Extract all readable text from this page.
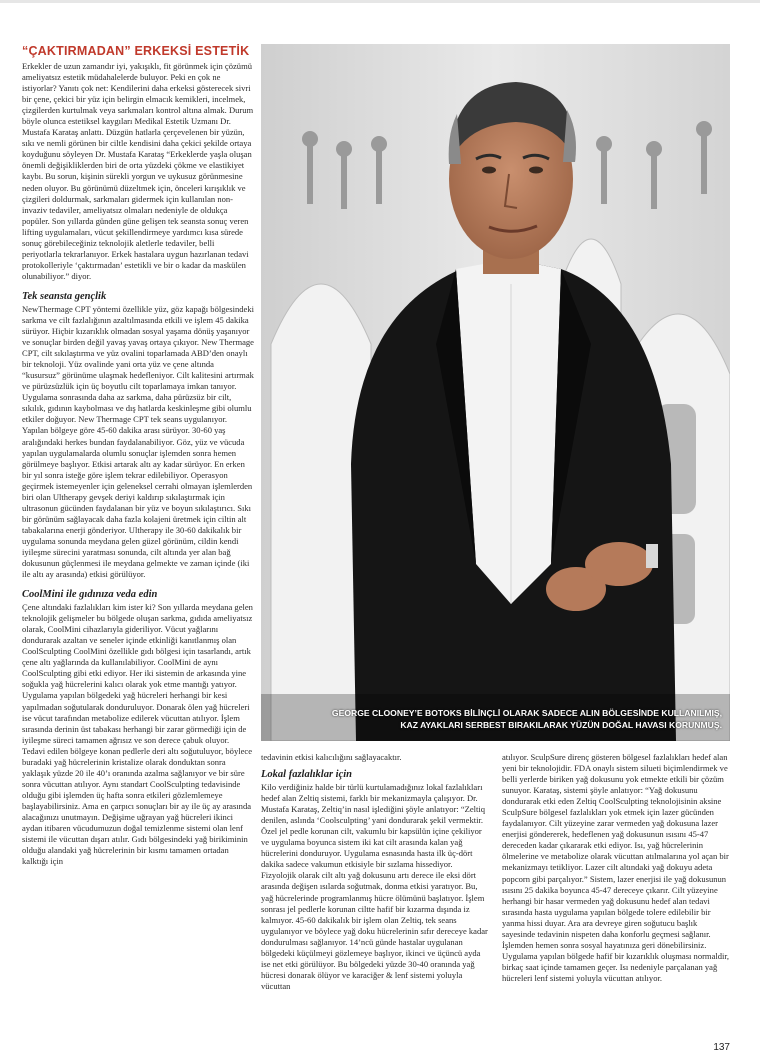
“ÇAKTIRMADAN” ERKEKSİ ESTETİK

Erkekler de uzun zamandır iyi, yakışıklı, fit görünmek için çözümü ameliyatsız estetik müdahalelerde buluyor. Peki en çok ne istiyorlar? Yanıtı çok net: Kendilerini daha erkeksi gösterecek sivri bir çene, çekici bir yüz için belirgin elmacık kemikleri, incelmek, çizgilerden kurtulmak veya sarkmaları kontrol altına almak. Durum böyle olunca estetiksel kaygıları Medikal Estetik Uzmanı Dr. Mustafa Karataş anlattı. Düzgün hatlarla çerçevelenen bir yüzün, sıkı ve nemli görünen bir ciltle kendisini daha çekici şekilde ortaya koyduğunu söyleyen Dr. Mustafa Karataş “Erkeklerde yaşla oluşan önemli değişikliklerden biri de orta yüzdeki çökme ve elastikiyet kaybı. Bu sorun, kişinin sürekli yorgun ve uykusuz görünmesine neden oluyor. Bu görünümü düzeltmek için, önceleri kırışıklık ve çizgileri doldurmak, sarkmaları gidermek için kullanılan non-invaziv tedaviler, ameliyatsız olmaları nedeniyle de oldukça popüler. Son yıllarda günden güne gelişen tek seansta sonuç veren lifting uygulamaları, vücut şekillendirmeye yardımcı kısa sürede sonuç görebileceğiniz teknolojik aletlerle tedaviler, belli periyotlarla tekrarlanıyor. Erkek hastalara uygun hazırlanan tedavi protokolleriyle ‘çaktırmadan’ estetikli ve bir o kadar da maskülen olunabiliyor.” diyor.

Tek seansta gençlik

NewThermage CPT yöntemi özellikle yüz, göz kapağı bölgesindeki sarkma ve cilt fazlalığının azaltılmasında etkili ve işlem 45 dakika sürüyor. Hiçbir kızarıklık olmadan sosyal yaşama dönüş yaşanıyor ve sonuçlar birden değil yavaş yavaş ortaya çıkıyor. New Thermage CPT, cilt sıkılaştırma ve yüz ovalini toparlamada ABD’den onaylı bir teknoloji. Yüz ovalinde yani orta yüz ve çene altında “kusursuz” görünüme ulaşmak hedefleniyor. Cilt kalitesini artırmak ve pürüzsüzlük için üç boyutlu cilt toparlamaya imkan tanıyor. Uygulama sonrasında daha az sarkma, daha pürüzsüz bir cilt, sıkılık, gıdının kaybolması ve dış hatlarda keskinleşme gibi olumlu etkiler doğuyor. New Thermage CPT tek seans uygulanıyor. Yapılan bölgeye göre 45-60 dakika arası sürüyor. 30-60 yaş aralığındaki herkes bundan faydalanabiliyor. Göz, yüz ve vücuda yapılan uygulamalarda olumlu sonuçlar işlemden sonra hemen görülmeye başlıyor. Etkisi artarak altı ay kadar sürüyor. En erken bir yıl sonra isteğe göre işlem tekrar edilebiliyor. Operasyon geçirmek istemeyenler için geleneksel cerrahi olmayan işlemlerden biri olan Ultherapy gevşek deriyi kaldırıp sıkılaştırmak için ultrasonun gücünden faydalanan bir yüz ve boyun sıkılaştırıcı. Sıkı bir görünüm sağlayacak daha fazla kolajeni üretmek için ciltin alt tabakalarına enerji gönderiyor. Ultherapy ile 30-60 dakikalık bir uygulama sonunda meydana gelen güzel görünüm, cildin kendi iyileşme sürecini yaratması sonunda, cilt altında yer alan bağ dokusunun güçlenmesi ile meydana gelmekte ve zaman içinde (iki ile altı ay arasında) etkisi görülüyor.

CoolMini ile gıdınıza veda edin

Çene altındaki fazlalıkları kim ister ki? Son yıllarda meydana gelen teknolojik gelişmeler bu bölgede oluşan sarkma, gıdıda ameliyatsız olarak, CoolMini cihazlarıyla gideriliyor. Vücut yağlarını dondurarak azaltan ve seneler içinde etkinliği kanıtlanmış olan CoolSculpting CoolMini özellikle gıdı bölgesi için tasarlandı, artık çene altı yağlarında da kullanılabiliyor. CoolMini de aynı CoolSculpting gibi etki ediyor. Her iki sistemin de arkasında yine soğukla yağ hücrelerini kalıcı olarak yok etme mantığı yatıyor. Uygulama yapılan bölgedeki yağ hücreleri herhangi bir kesi yapılmadan soğutularak donduruluyor. Donarak ölen yağ hücreleri ise vücut tarafından metabolize edilerek vücuttan atılıyor. İşlem sırasında derinin üst tabakası herhangi bir zarar görmediği için de iyileşme süreci tamamen ağrısız ve son derece çabuk oluyor. Tedavi edilen bölgeye konan pedlerle deri altı soğutuluyor, böylece buradaki yağ hücrelerinin kristalize olarak donduktan sonra yaklaşık yüzde 20 ile 40’ı oranında azalma sağlanıyor ve bir süre sonra vücuttan atılıyor. Aynı standart CoolSculpting tedavisinde olduğu gibi işlemden üç hafta sonra etkileri gözlemlemeye başlayabilirsiniz. Ama en çarpıcı sonuçları bir ay ile üç ay arasında alacağınızı unutmayın. Değişime uğrayan yağ hücreleri ikinci aydan itibaren vücudumuzun doğal temizlenme sistemi olan lenf sistemi ile vücuttan dışarı atılır. Gıdı bölgesindeki yağ birikiminin olduğu alandaki yağ hücrelerinin bir kısmı tamamen ortadan kalktığı için

GEORGE CLOONEY’E BOTOKS BİLİNÇLİ OLARAK SADECE ALIN BÖLGESİNDE KULLANILMIŞ,
KAZ AYAKLARI SERBEST BIRAKILARAK YÜZÜN DOĞAL HAVASI KORUNMUŞ.

tedavinin etkisi kalıcılığını sağlayacaktır.

Lokal fazlalıklar için

Kilo verdiğiniz halde bir türlü kurtulamadığınız lokal fazlalıkları hedef alan Zeltiq sistemi, farklı bir mekanizmayla çalışıyor. Dr. Mustafa Karataş, Zeltiq’in nasıl işlediğini şöyle anlatıyor: “Zeltiq denilen, aslında ‘Coolsculpting’ yani dondurarak şekil vermektir. Özel jel pedle korunan cilt, vakumlu bir kapsülün içine çekiliyor ve uygulama boyunca sistem iki kat cilt arasında kalan yağ hücrelerini donduruyor. Uygulama esnasında hasta ilk üç-dört dakika sadece vakumun etkisiyle bir sızlama hissediyor. Fizyolojik olarak cilt altı yağ dokusunu artı derece ile eksi dört arasında değişen ısılarda soğutmak, donma etkisi yaratıyor. Bu, yağ hücrelerinde programlanmış hücre ölümünü başlatıyor. İşlem sonrası jel pedlerle korunan ciltte hafif bir kızarma dışında iz kalmıyor. 45-60 dakikalık bir işlem olan Zeltiq, tek seans uygulanıyor ve böylece yağ doku hücrelerinin sıfır dereceye kadar dondurulması sağlanıyor. 14’ncü günde hastalar uygulanan bölgedeki küçülmeyi gözlemeye başlıyor, ikinci ve üçüncü ayda ise net etki görülüyor. Bu bölgedeki yüzde 30-40 oranında yağ hücresi donarak ölüyor ve karaciğer & lenf sistemi yoluyla vücuttan

atılıyor. SculpSure direnç gösteren bölgesel fazlalıkları hedef alan yeni bir teknolojidir. FDA onaylı sistem silueti biçimlendirmek ve belli yerlerde biriken yağ dokusunu yok etmekte etkili bir çözüm sunuyor. Karataş, sistemi şöyle anlatıyor: “Yağ dokusunu dondurarak etki eden Zeltiq CoolSculpting teknolojisinin aksine SculpSure bölgesel fazlalıkları yok etmek için lazer gücünden faydalanıyor. Cilt yüzeyine zarar vermeden yağ dokusuna lazer enerjisi göndererek, hedeflenen yağ dokusunun ısısını 45-47 dereceden kadar çıkararak etki ediyor. Isı, yağ hücrelerinin ölmelerine ve metabolize olarak vücuttan atılmalarına yol açan bir mekanizmayı tetikliyor. Lazer cilt altındaki yağ dokuyu adeta popcorn gibi parçalıyor.” Sistem, lazer enerjisi ile yağ dokusunun ısısını 25 dakika boyunca 45-47 dereceye çıkarır. Cilt yüzeyine herhangi bir hasar vermeden yağ dokusunu hedef alan tedavi sırasında hasta uygulama yapılan bölgede tolere edilebilir bir yanma hissi duyar. Ara ara devreye giren soğutucu başlık sayesinde tedavinin nispeten daha konforlu geçmesi sağlanır. İşlemden hemen sonra sosyal hayatınıza geri dönebilirsiniz. Uygulama yapılan bölgede hafif bir kızarıklık oluşması normaldir, birkaç saat içinde tamamen geçer. Isı nedeniyle parçalanan yağ hücreleri lenf sistemi yoluyla vücuttan atılıyor.

137
